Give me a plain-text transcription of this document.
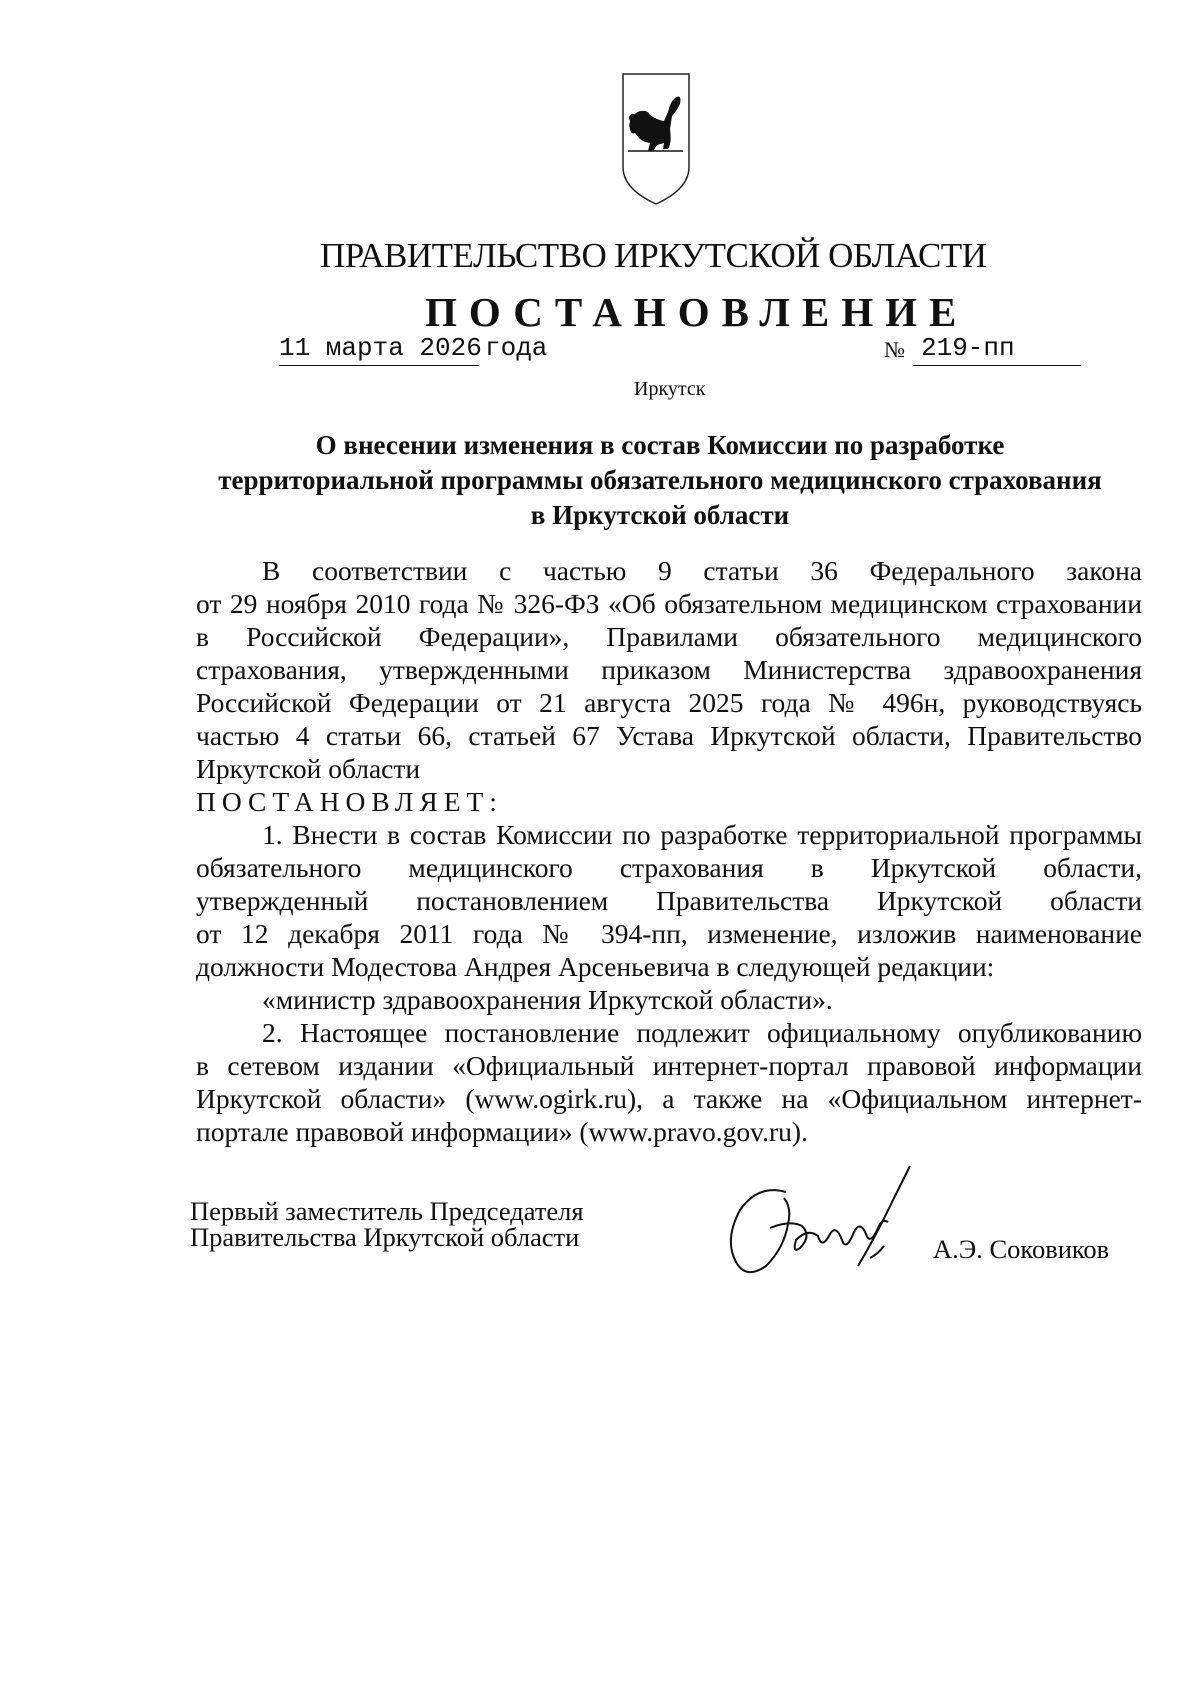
ПРАВИТЕЛЬСТВО ИРКУТСКОЙ ОБЛАСТИ
ПОСТАНОВЛЕНИЕ
11 марта 2026 года	№ 219-пп
Иркутск
О внесении изменения в состав Комиссии по разработке
территориальной программы обязательного медицинского страхования
в Иркутской области
В соответствии с частью 9 статьи 36 Федерального закона
от 29 ноября 2010 года № 326-ФЗ «Об обязательном медицинском страховании
в Российской Федерации», Правилами обязательного медицинского
страхования, утвержденными приказом Министерства здравоохранения
Российской Федерации от 21 августа 2025 года № 496н, руководствуясь
частью 4 статьи 66, статьей 67 Устава Иркутской области, Правительство
Иркутской области
ПОСТАНОВЛЯЕТ:
1. Внести в состав Комиссии по разработке территориальной программы
обязательного медицинского страхования в Иркутской области,
утвержденный постановлением Правительства Иркутской области
от 12 декабря 2011 года № 394-пп, изменение, изложив наименование
должности Модестова Андрея Арсеньевича в следующей редакции:
«министр здравоохранения Иркутской области».
2. Настоящее постановление подлежит официальному опубликованию
в сетевом издании «Официальный интернет-портал правовой информации
Иркутской области» (www.ogirk.ru), а также на «Официальном интернет-
портале правовой информации» (www.pravo.gov.ru).
Первый заместитель Председателя
Правительства Иркутской области	А.Э. Соковиков
